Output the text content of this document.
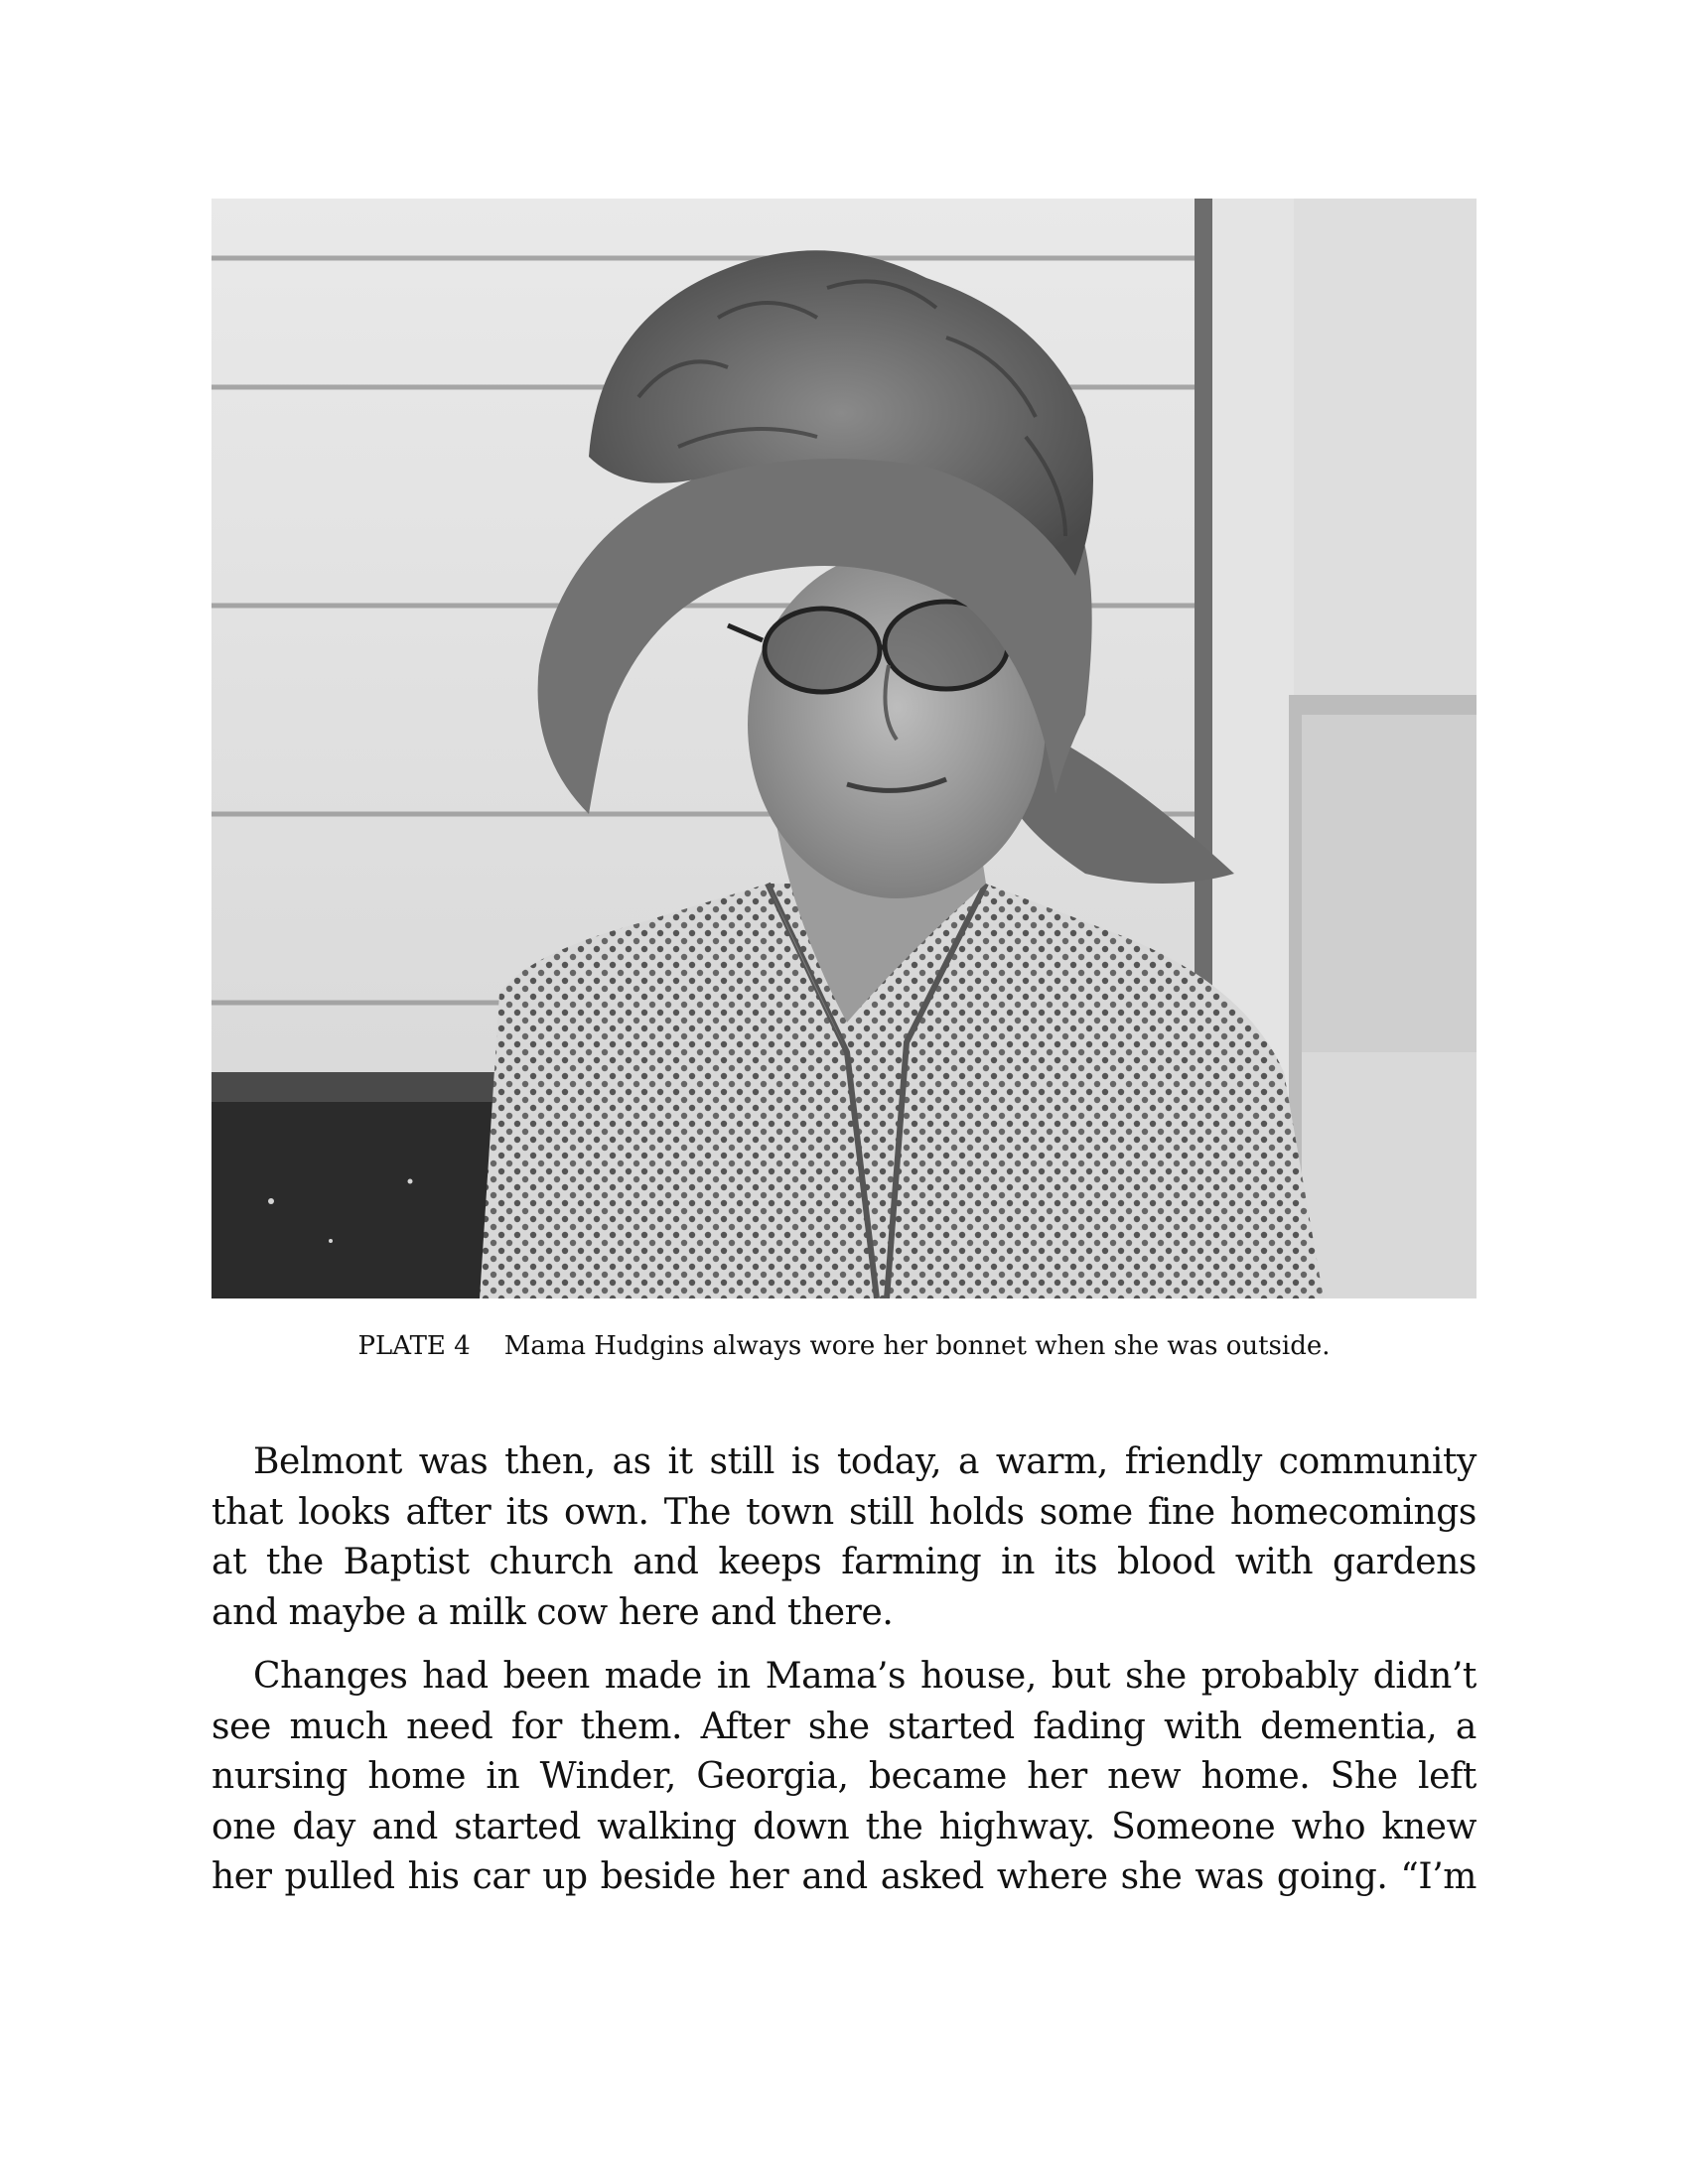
PLATE 4 Mama Hudgins always wore her bonnet when she was outside.
Belmont was then, as it still is today, a warm, friendly community
that looks after its own. The town still holds some fine homecomings
at the Baptist church and keeps farming in its blood with gardens
and maybe a milk cow here and there.
Changes had been made in Mama’s house, but she probably didn’t
see much need for them. After she started fading with dementia, a
nursing home in Winder, Georgia, became her new home. She left
one day and started walking down the highway. Someone who knew
her pulled his car up beside her and asked where she was going. “I’m
